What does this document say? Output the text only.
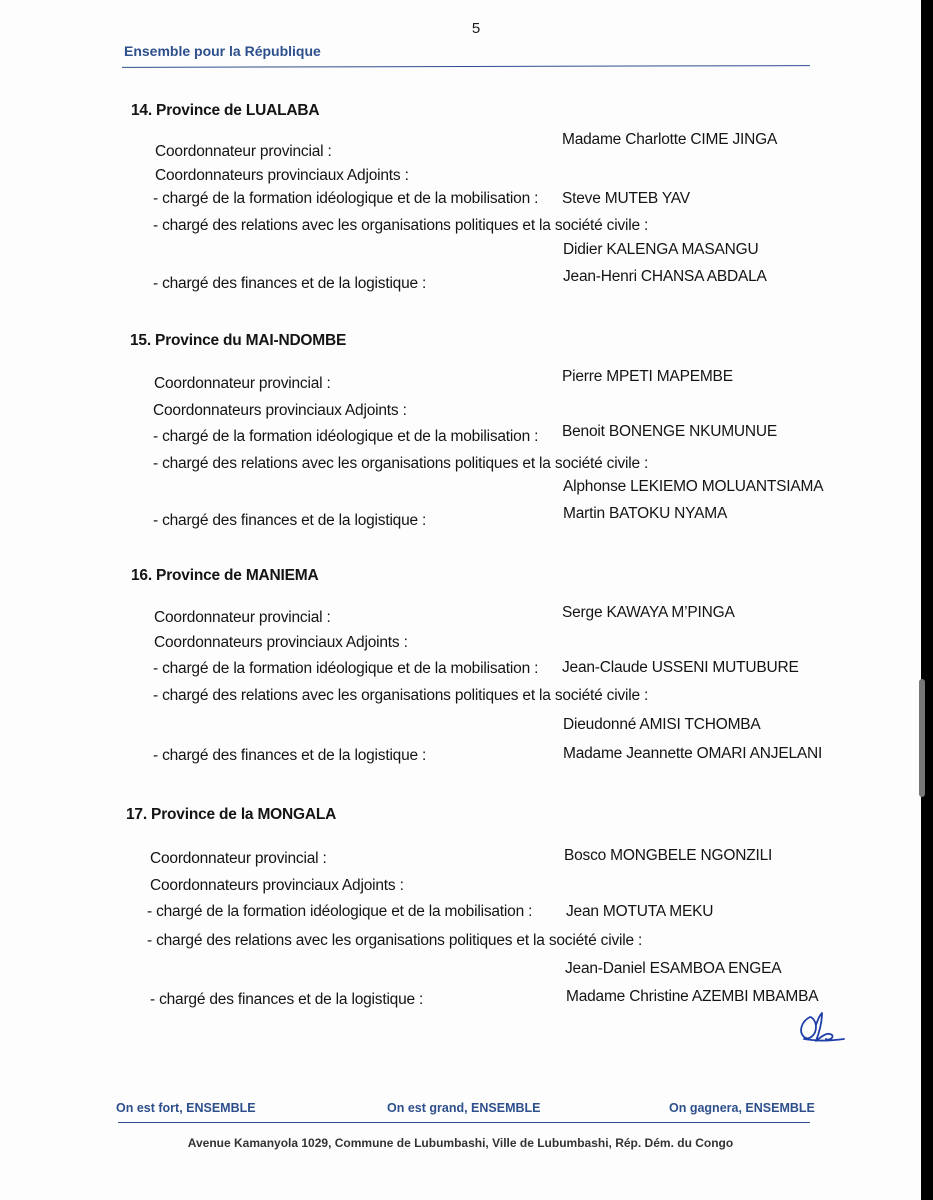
5
Ensemble pour la République
14. Province de LUALABA
Coordonnateur provincial :
Madame Charlotte CIME JINGA
Coordonnateurs provinciaux Adjoints :
- chargé de la formation idéologique et de la mobilisation : Steve MUTEB YAV
- chargé des relations avec les organisations politiques et la société civile :
Didier KALENGA MASANGU
- chargé des finances et de la logistique :	Jean-Henri CHANSA ABDALA
15. Province du MAI-NDOMBE
Coordonnateur provincial :	Pierre MPETI MAPEMBE
Coordonnateurs provinciaux Adjoints :
- chargé de la formation idéologique et de la mobilisation : Benoit BONENGE NKUMUNUE
- chargé des relations avec les organisations politiques et la société civile :
Alphonse LEKIEMO MOLUANTSIAMA
- chargé des finances et de la logistique :	Martin BATOKU NYAMA
16. Province de MANIEMA
Coordonnateur provincial :	Serge KAWAYA M’PINGA
Coordonnateurs provinciaux Adjoints :
- chargé de la formation idéologique et de la mobilisation : Jean-Claude USSENI MUTUBURE
- chargé des relations avec les organisations politiques et la société civile :
Dieudonné AMISI TCHOMBA
- chargé des finances et de la logistique :	Madame Jeannette OMARI ANJELANI
17. Province de la MONGALA
Coordonnateur provincial :	Bosco MONGBELE NGONZILI
Coordonnateurs provinciaux Adjoints :
- chargé de la formation idéologique et de la mobilisation : Jean MOTUTA MEKU
- chargé des relations avec les organisations politiques et la société civile :
Jean-Daniel ESAMBOA ENGEA
- chargé des finances et de la logistique :	Madame Christine AZEMBI MBAMBA
On est fort, ENSEMBLE	On est grand, ENSEMBLE	On gagnera, ENSEMBLE
Avenue Kamanyola 1029, Commune de Lubumbashi, Ville de Lubumbashi, Rép. Dém. du Congo
